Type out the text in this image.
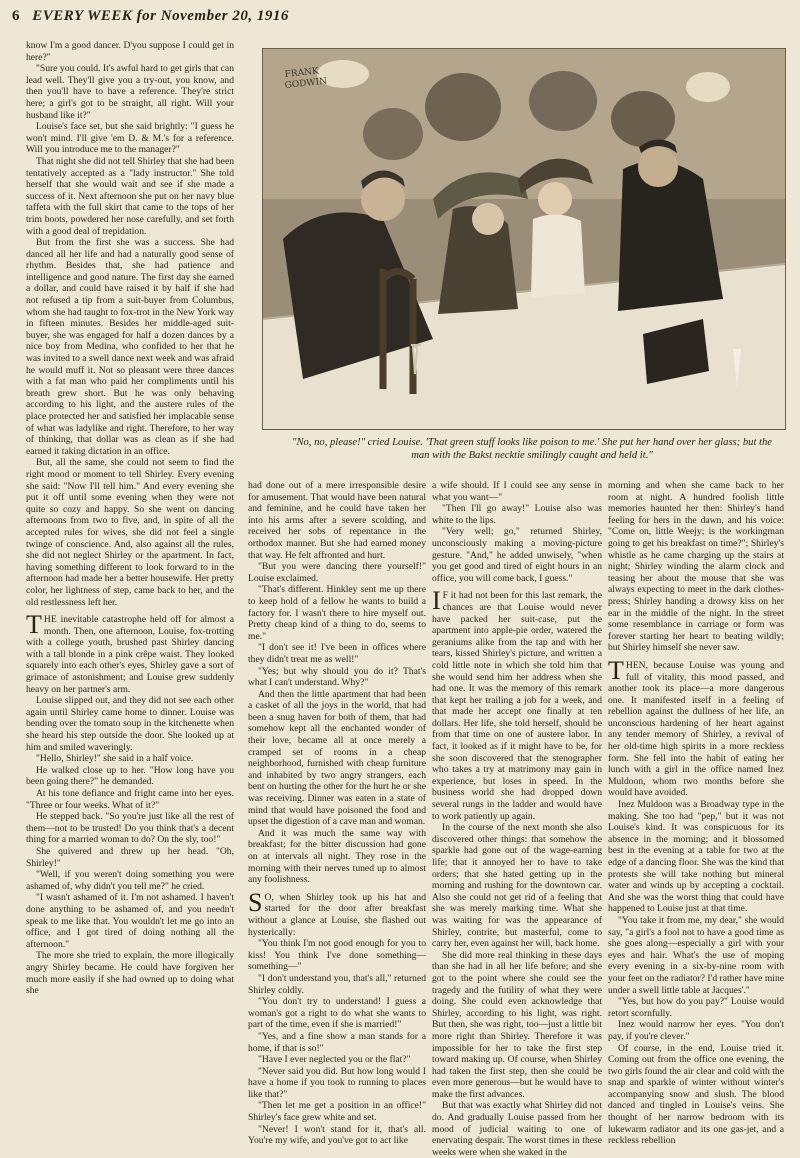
6 EVERY WEEK for November 20, 1916
FRANK
GODWIN
"No, no, please!" cried Louise. 'That green stuff looks like poison to me.' She put her hand over her glass; but the man with the Bakst necktie smilingly caught and held it."

know I'm a good dancer. D'you suppose I could get in here?"

"Sure you could. It's awful hard to get girls that can lead well. They'll give you a try-out, you know, and then you'll have to have a reference. They're strict here; a girl's got to be straight, all right. Will your husband like it?"

Louise's face set, but she said brightly: "I guess he won't mind. I'll give 'em D. & M.'s for a reference. Will you introduce me to the manager?"

That night she did not tell Shirley that she had been tentatively accepted as a "lady instructor." She told herself that she would wait and see if she made a success of it. Next afternoon she put on her navy blue taffeta with the full skirt that came to the tops of her trim boots, powdered her nose carefully, and set forth with a good deal of trepidation.

But from the first she was a success. She had danced all her life and had a naturally good sense of rhythm. Besides that, she had patience and intelligence and good nature. The first day she earned a dollar, and could have raised it by half if she had not refused a tip from a suit-buyer from Columbus, whom she had taught to fox-trot in the New York way in fifteen minutes. Besides her middle-aged suit-buyer, she was engaged for half a dozen dances by a nice boy from Medina, who confided to her that he was invited to a swell dance next week and was afraid he would muff it. Not so pleasant were three dances with a fat man who paid her compliments until his breath grew short. But he was only behaving according to his light, and the austere rules of the place protected her and satisfied her implacable sense of what was ladylike and right. Therefore, to her way of thinking, that dollar was as clean as if she had earned it taking dictation in an office.

But, all the same, she could not seem to find the right mood or moment to tell Shirley. Every evening she said: "Now I'll tell him." And every evening she put it off until some evening when they were not quite so cozy and happy. So she went on dancing afternoons from two to five, and, in spite of all the accepted rules for wives, she did not feel a single twinge of conscience. And, also against all the rules, she did not neglect Shirley or the apartment. In fact, having something different to look forward to in the afternoon had made her a better housewife. Her pretty color, her lightness of step, came back to her, and the old restlessness left her.

THE inevitable catastrophe held off for almost a month. Then, one afternoon, Louise, fox-trotting with a college youth, brushed past Shirley dancing with a tall blonde in a pink crêpe waist. They looked squarely into each other's eyes, Shirley gave a sort of grimace of astonishment; and Louise grew suddenly heavy on her partner's arm.

Louise slipped out, and they did not see each other again until Shirley came home to dinner. Louise was bending over the tomato soup in the kitchenette when she heard his step outside the door. She looked up at him and smiled waveringly.

"Hello, Shirley!" she said in a half voice.

He walked close up to her. "How long have you been going there?" he demanded.

At his tone defiance and fright came into her eyes. "Three or four weeks. What of it?"

He stepped back. "So you're just like all the rest of them—not to be trusted! Do you think that's a decent thing for a married woman to do? On the sly, too!"

She quivered and threw up her head. "Oh, Shirley!"

"Well, if you weren't doing something you were ashamed of, why didn't you tell me?" he cried.

"I wasn't ashamed of it. I'm not ashamed. I haven't done anything to be ashamed of, and you needn't speak to me like that. You wouldn't let me go into an office, and I got tired of doing nothing all the afternoon."

The more she tried to explain, the more illogically angry Shirley became. He could have forgiven her much more easily if she had owned up to doing what she

had done out of a mere irresponsible desire for amusement. That would have been natural and feminine, and he could have taken her into his arms after a severe scolding, and received her sobs of repentance in the orthodox manner. But she had earned money that way. He felt affronted and hurt.

"But you were dancing there yourself!" Louise exclaimed.

"That's different. Hinkley sent me up there to keep hold of a fellow he wants to build a factory for. I wasn't there to hire myself out. Pretty cheap kind of a thing to do, seems to me."

"I don't see it! I've been in offices where they didn't treat me as well!"

"Yes; but why should you do it? That's what I can't understand. Why?"

And then the little apartment that had been a casket of all the joys in the world, that had been a snug haven for both of them, that had somehow kept all the enchanted wonder of their love, became all at once merely a cramped set of rooms in a cheap neighborhood, furnished with cheap furniture and inhabited by two angry strangers, each bent on hurting the other for the hurt he or she was receiving. Dinner was eaten in a state of mind that would have poisoned the food and upset the digestion of a cave man and woman.

And it was much the same way with breakfast; for the bitter discussion had gone on at intervals all night. They rose in the morning with their nerves tuned up to almost any foolishness.

SO, when Shirley took up his hat and started for the door after breakfast without a glance at Louise, she flashed out hysterically:

"You think I'm not good enough for you to kiss! You think I've done something—something—"

"I don't understand you, that's all," returned Shirley coldly.

"You don't try to understand! I guess a woman's got a right to do what she wants to part of the time, even if she is married!"

"Yes, and a fine show a man stands for a home, if that is so!"

"Have I ever neglected you or the flat?"

"Never said you did. But how long would I have a home if you took to running to places like that?"

"Then let me get a position in an office!" Shirley's face grew white and set.

"Never! I won't stand for it, that's all. You're my wife, and you've got to act like

a wife should. If I could see any sense in what you want—"

"Then I'll go away!" Louise also was white to the lips.

"Very well; go," returned Shirley, unconsciously making a moving-picture gesture. "And," he added unwisely, "when you get good and tired of eight hours in an office, you will come back, I guess."

IF it had not been for this last remark, the chances are that Louise would never have packed her suit-case, put the apartment into apple-pie order, watered the geraniums alike from the tap and with her tears, kissed Shirley's picture, and written a cold little note in which she told him that she would send him her address when she had one. It was the memory of this remark that kept her trailing a job for a week, and that made her accept one finally at ten dollars. Her life, she told herself, should be from that time on one of austere labor. In fact, it looked as if it might have to be, for she soon discovered that the stenographer who takes a try at matrimony may gain in experience, but loses in speed. In the business world she had dropped down several rungs in the ladder and would have to work patiently up again.

In the course of the next month she also discovered other things: that somehow the sparkle had gone out of the wage-earning life; that it annoyed her to have to take orders; that she hated getting up in the morning and rushing for the downtown car. Also she could not get rid of a feeling that she was merely marking time. What she was waiting for was the appearance of Shirley, contrite, but masterful, come to carry her, even against her will, back home.

She did more real thinking in these days than she had in all her life before; and she got to the point where she could see the tragedy and the futility of what they were doing. She could even acknowledge that Shirley, according to his light, was right. But then, she was right, too—just a little bit more right than Shirley. Therefore it was impossible for her to take the first step toward making up. Of course, when Shirley had taken the first step, then she could be even more generous—but he would have to make the first advances.

But that was exactly what Shirley did not do. And gradually Louise passed from her mood of judicial waiting to one of enervating despair. The worst times in these weeks were when she waked in the

morning and when she came back to her room at night. A hundred foolish little memories haunted her then: Shirley's hand feeling for hers in the dawn, and his voice: "Come on, little Weejy; is the workingman going to get his breakfast on time?"; Shirley's whistle as he came charging up the stairs at night; Shirley winding the alarm clock and teasing her about the mouse that she was always expecting to meet in the dark clothes-press; Shirley handing a drowsy kiss on her ear in the middle of the night. In the street some resemblance in carriage or form was forever starting her heart to beating wildly; but Shirley himself she never saw.

THEN, because Louise was young and full of vitality, this mood passed, and another took its place—a more dangerous one. It manifested itself in a feeling of rebellion against the dullness of her life, an unconscious hardening of her heart against any tender memory of Shirley, a revival of her old-time high spirits in a more reckless form. She fell into the habit of eating her lunch with a girl in the office named Inez Muldoon, whom two months before she would have avoided.

Inez Muldoon was a Broadway type in the making. She too had "pep," but it was not Louise's kind. It was conspicuous for its absence in the morning; and it blossomed best in the evening at a table for two at the edge of a dancing floor. She was the kind that protests she will take nothing but mineral water and winds up by accepting a cocktail. And she was the worst thing that could have happened to Louise just at that time.

"You take it from me, my dear," she would say, "a girl's a fool not to have a good time as she goes along—especially a girl with your eyes and hair. What's the use of moping every evening in a six-by-nine room with your feet on the radiator? I'd rather have mine under a swell little table at Jacques'."

"Yes, but how do you pay?" Louise would retort scornfully.

Inez would narrow her eyes. "You don't pay, if you're clever."

Of course, in the end, Louise tried it. Coming out from the office one evening, the two girls found the air clear and cold with the snap and sparkle of winter without winter's accompanying snow and slush. The blood danced and tingled in Louise's veins. She thought of her narrow bedroom with its lukewarm radiator and its one gas-jet, and a reckless rebellion
